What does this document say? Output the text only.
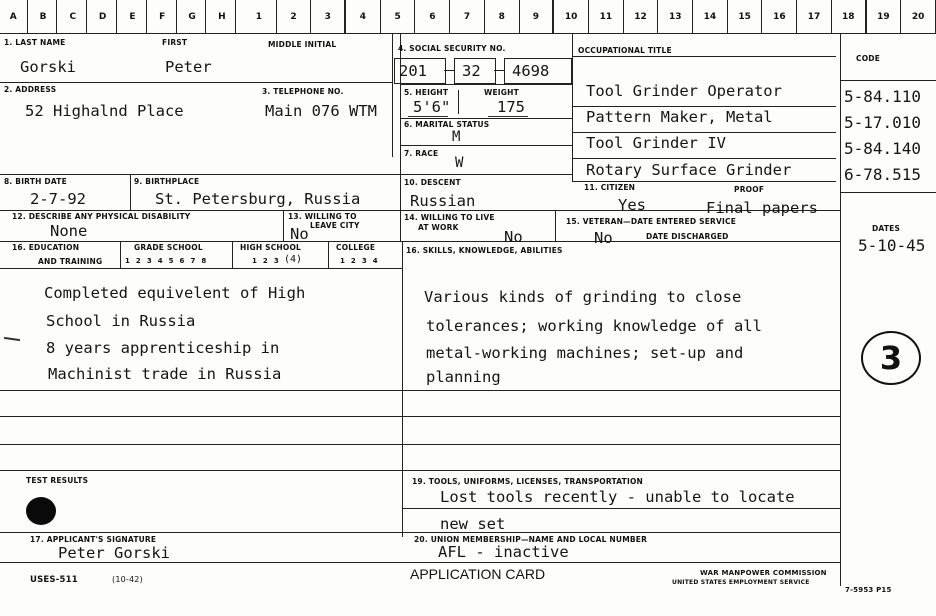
A	B	C	D	E	F	G	H	1	2	3	4	5	6	7	8	9	10	11	12	13	14	15	16	17	18	19	20
1. LAST NAME	FIRST	MIDDLE INITIAL	4. SOCIAL SECURITY NO.	OCCUPATIONAL TITLE
CODE
Gorski	Peter	201 32 4698
2. ADDRESS	3. TELEPHONE NO.
52 Highalnd Place	Main 076 WTM
5. HEIGHT	WEIGHT
5'6"	175
6. MARITAL STATUS
M
7. RACE
W
Tool Grinder Operator	5-84.110
Pattern Maker, Metal	5-17.010
Tool Grinder IV	5-84.140
Rotary Surface Grinder	6-78.515
8. BIRTH DATE	9. BIRTHPLACE
2-7-92	St. Petersburg, Russia
10. DESCENT
Russian
11. CITIZEN	PROOF
Yes	Final papers
DATES
5-10-45
12. DESCRIBE ANY PHYSICAL DISABILITY
None
13. WILLING TO
LEAVE CITY
No
14. WILLING TO LIVE
AT WORK
No
15. VETERAN—DATE ENTERED SERVICE
DATE DISCHARGED
No
16. EDUCATION
AND TRAINING
GRADE SCHOOL
1 2 3 4 5 6 7 8
HIGH SCHOOL
1 2 3 (4)
COLLEGE
1 2 3 4
16. SKILLS, KNOWLEDGE, ABILITIES
Completed equivelent of High
School in Russia
8 years apprenticeship in
Machinist trade in Russia
Various kinds of grinding to close
tolerances; working knowledge of all
metal-working machines; set-up and
planning	3
TEST RESULTS	19. TOOLS, UNIFORMS, LICENSES, TRANSPORTATION
Lost tools recently - unable to locate
new set
17. APPLICANT'S SIGNATURE
Peter Gorski
20. UNION MEMBERSHIP—NAME AND LOCAL NUMBER
AFL - inactive
USES-511	(10-42)	APPLICATION CARD	WAR MANPOWER COMMISSION
UNITED STATES EMPLOYMENT SERVICE
7-5953 P15
